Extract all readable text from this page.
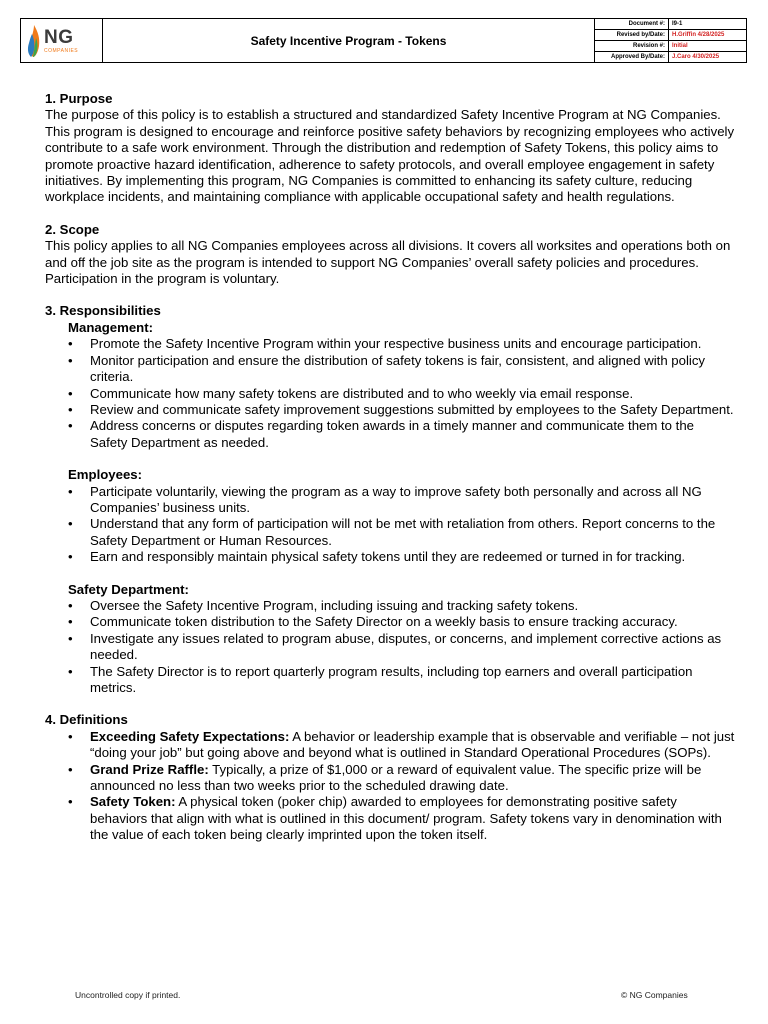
NG
COMPANIES
Safety Incentive Program - Tokens
Document #:	I9-1
Revised by/Date:	H.Griffin 4/28/2025
Revision #:	Initial
Approved By/Date:	J.Caro 4/30/2025
1. Purpose

The purpose of this policy is to establish a structured and standardized Safety Incentive Program at NG Companies. This program is designed to encourage and reinforce positive safety behaviors by recognizing employees who actively contribute to a safe work environment. Through the distribution and redemption of Safety Tokens, this policy aims to promote proactive hazard identification, adherence to safety protocols, and overall employee engagement in safety initiatives. By implementing this program, NG Companies is committed to enhancing its safety culture, reducing workplace incidents, and maintaining compliance with applicable occupational safety and health regulations.

2. Scope

This policy applies to all NG Companies employees across all divisions. It covers all worksites and operations both on and off the job site as the program is intended to support NG Companies’ overall safety policies and procedures. Participation in the program is voluntary.

3. Responsibilities
Management:
• Promote the Safety Incentive Program within your respective business units and encourage participation.
• Monitor participation and ensure the distribution of safety tokens is fair, consistent, and aligned with policy criteria.
• Communicate how many safety tokens are distributed and to who weekly via email response.
• Review and communicate safety improvement suggestions submitted by employees to the Safety Department.
• Address concerns or disputes regarding token awards in a timely manner and communicate them to the Safety Department as needed.
Employees:
• Participate voluntarily, viewing the program as a way to improve safety both personally and across all NG Companies’ business units.
• Understand that any form of participation will not be met with retaliation from others. Report concerns to the Safety Department or Human Resources.
• Earn and responsibly maintain physical safety tokens until they are redeemed or turned in for tracking.
Safety Department:
• Oversee the Safety Incentive Program, including issuing and tracking safety tokens.
• Communicate token distribution to the Safety Director on a weekly basis to ensure tracking accuracy.
• Investigate any issues related to program abuse, disputes, or concerns, and implement corrective actions as needed.
• The Safety Director is to report quarterly program results, including top earners and overall participation metrics.
4. Definitions
• Exceeding Safety Expectations: A behavior or leadership example that is observable and verifiable – not just “doing your job” but going above and beyond what is outlined in Standard Operational Procedures (SOPs).
• Grand Prize Raffle: Typically, a prize of $1,000 or a reward of equivalent value. The specific prize will be announced no less than two weeks prior to the scheduled drawing date.
• Safety Token: A physical token (poker chip) awarded to employees for demonstrating positive safety behaviors that align with what is outlined in this document/ program. Safety tokens vary in denomination with the value of each token being clearly imprinted upon the token itself.
Uncontrolled copy if printed.	© NG Companies
